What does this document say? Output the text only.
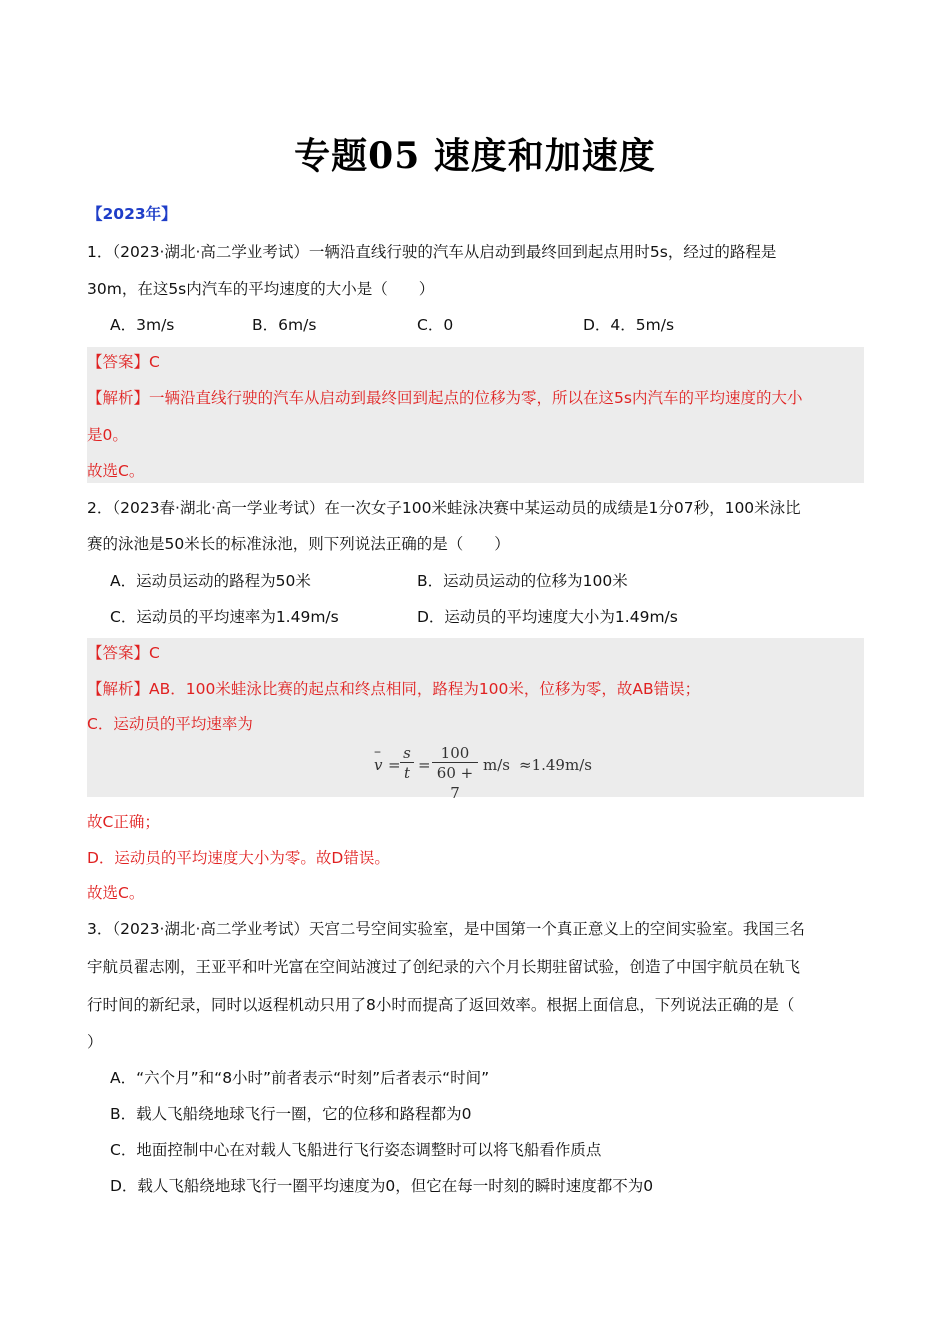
专题05 速度和加速度
【2023年】
1．（2023·湖北·高二学业考试）一辆沿直线行驶的汽车从启动到最终回到起点用时5s，经过的路程是
30m，在这5s内汽车的平均速度的大小是（　　）
A．3m/s	B．6m/s	C．0	D．4．5m/s
【答案】C
【解析】一辆沿直线行驶的汽车从启动到最终回到起点的位移为零，所以在这5s内汽车的平均速度的大小
是0。
故选C。
2．（2023春·湖北·高一学业考试）在一次女子100米蛙泳决赛中某运动员的成绩是1分07秒，100米泳比
赛的泳池是50米长的标准泳池，则下列说法正确的是（　　）
A．运动员运动的路程为50米	B．运动员运动的位移为100米
C．运动员的平均速率为1.49m/s	D．运动员的平均速度大小为1.49m/s
【答案】C
【解析】AB．100米蛙泳比赛的起点和终点相同，路程为100米，位移为零，故AB错误；
C．运动员的平均速率为
–
$v = \frac{s}{t} = \frac{100}{60 + 7} m/s \approx 1.49m/s$
故C正确；
D．运动员的平均速度大小为零。故D错误。
故选C。
3．（2023·湖北·高二学业考试）天宫二号空间实验室，是中国第一个真正意义上的空间实验室。我国三名
宇航员翟志刚，王亚平和叶光富在空间站渡过了创纪录的六个月长期驻留试验，创造了中国宇航员在轨飞
行时间的新纪录，同时以返程机动只用了8小时而提高了返回效率。根据上面信息，下列说法正确的是（
）
A．“六个月”和“8小时”前者表示“时刻”后者表示“时间”
B．载人飞船绕地球飞行一圈，它的位移和路程都为0
C．地面控制中心在对载人飞船进行飞行姿态调整时可以将飞船看作质点
D．载人飞船绕地球飞行一圈平均速度为0，但它在每一时刻的瞬时速度都不为0
